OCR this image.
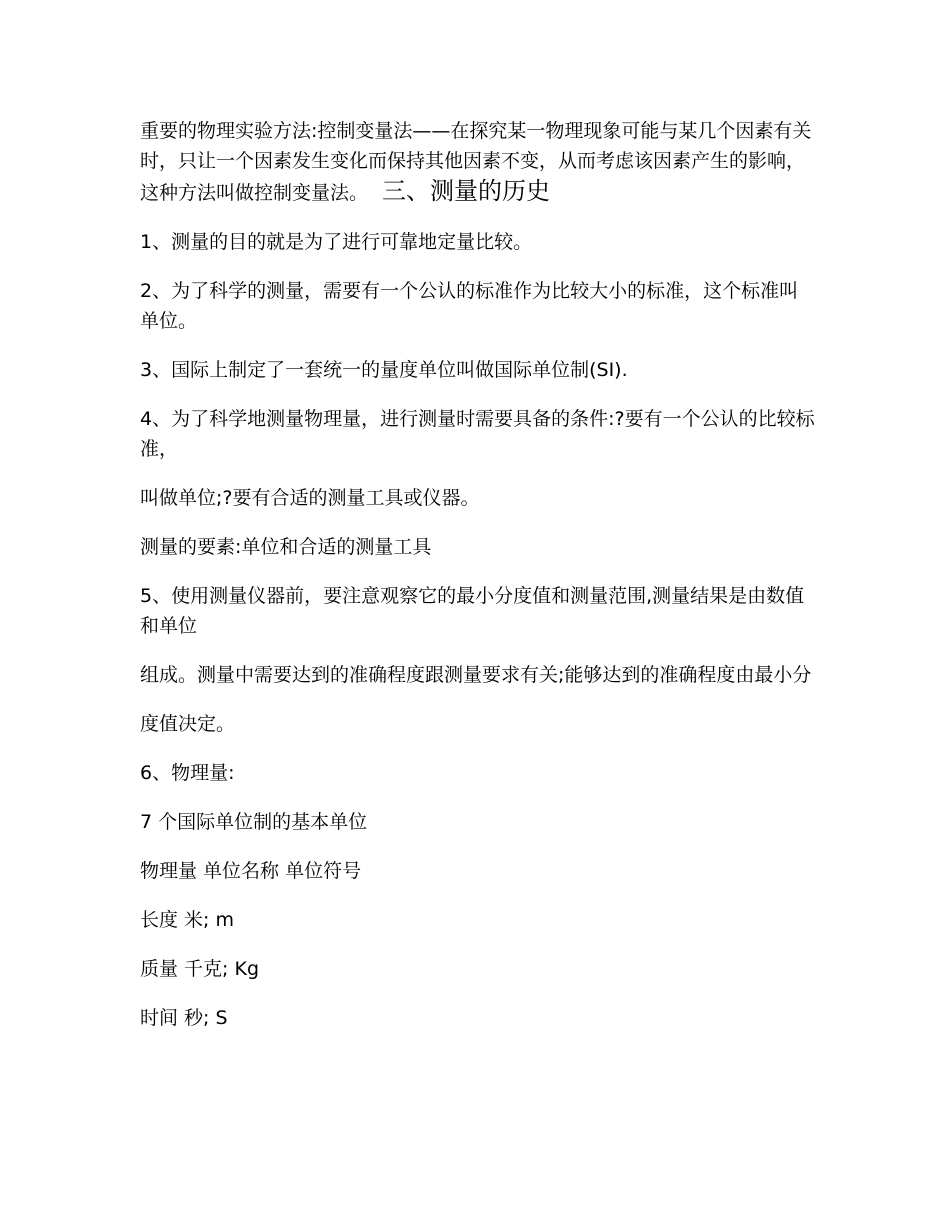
重要的物理实验方法:控制变量法——在探究某一物理现象可能与某几个因素有关时，只让一个因素发生变化而保持其他因素不变，从而考虑该因素产生的影响，这种方法叫做控制变量法。 三、测量的历史

1、测量的目的就是为了进行可靠地定量比较。

2、为了科学的测量，需要有一个公认的标准作为比较大小的标准，这个标准叫单位。

3、国际上制定了一套统一的量度单位叫做国际单位制(SI).

4、为了科学地测量物理量，进行测量时需要具备的条件:?要有一个公认的比较标准，

叫做单位;?要有合适的测量工具或仪器。

测量的要素:单位和合适的测量工具

5、使用测量仪器前，要注意观察它的最小分度值和测量范围,测量结果是由数值和单位

组成。测量中需要达到的准确程度跟测量要求有关;能够达到的准确程度由最小分

度值决定。

6、物理量:

7 个国际单位制的基本单位

物理量 单位名称 单位符号

长度 米; m

质量 千克; Kg

时间 秒; S
